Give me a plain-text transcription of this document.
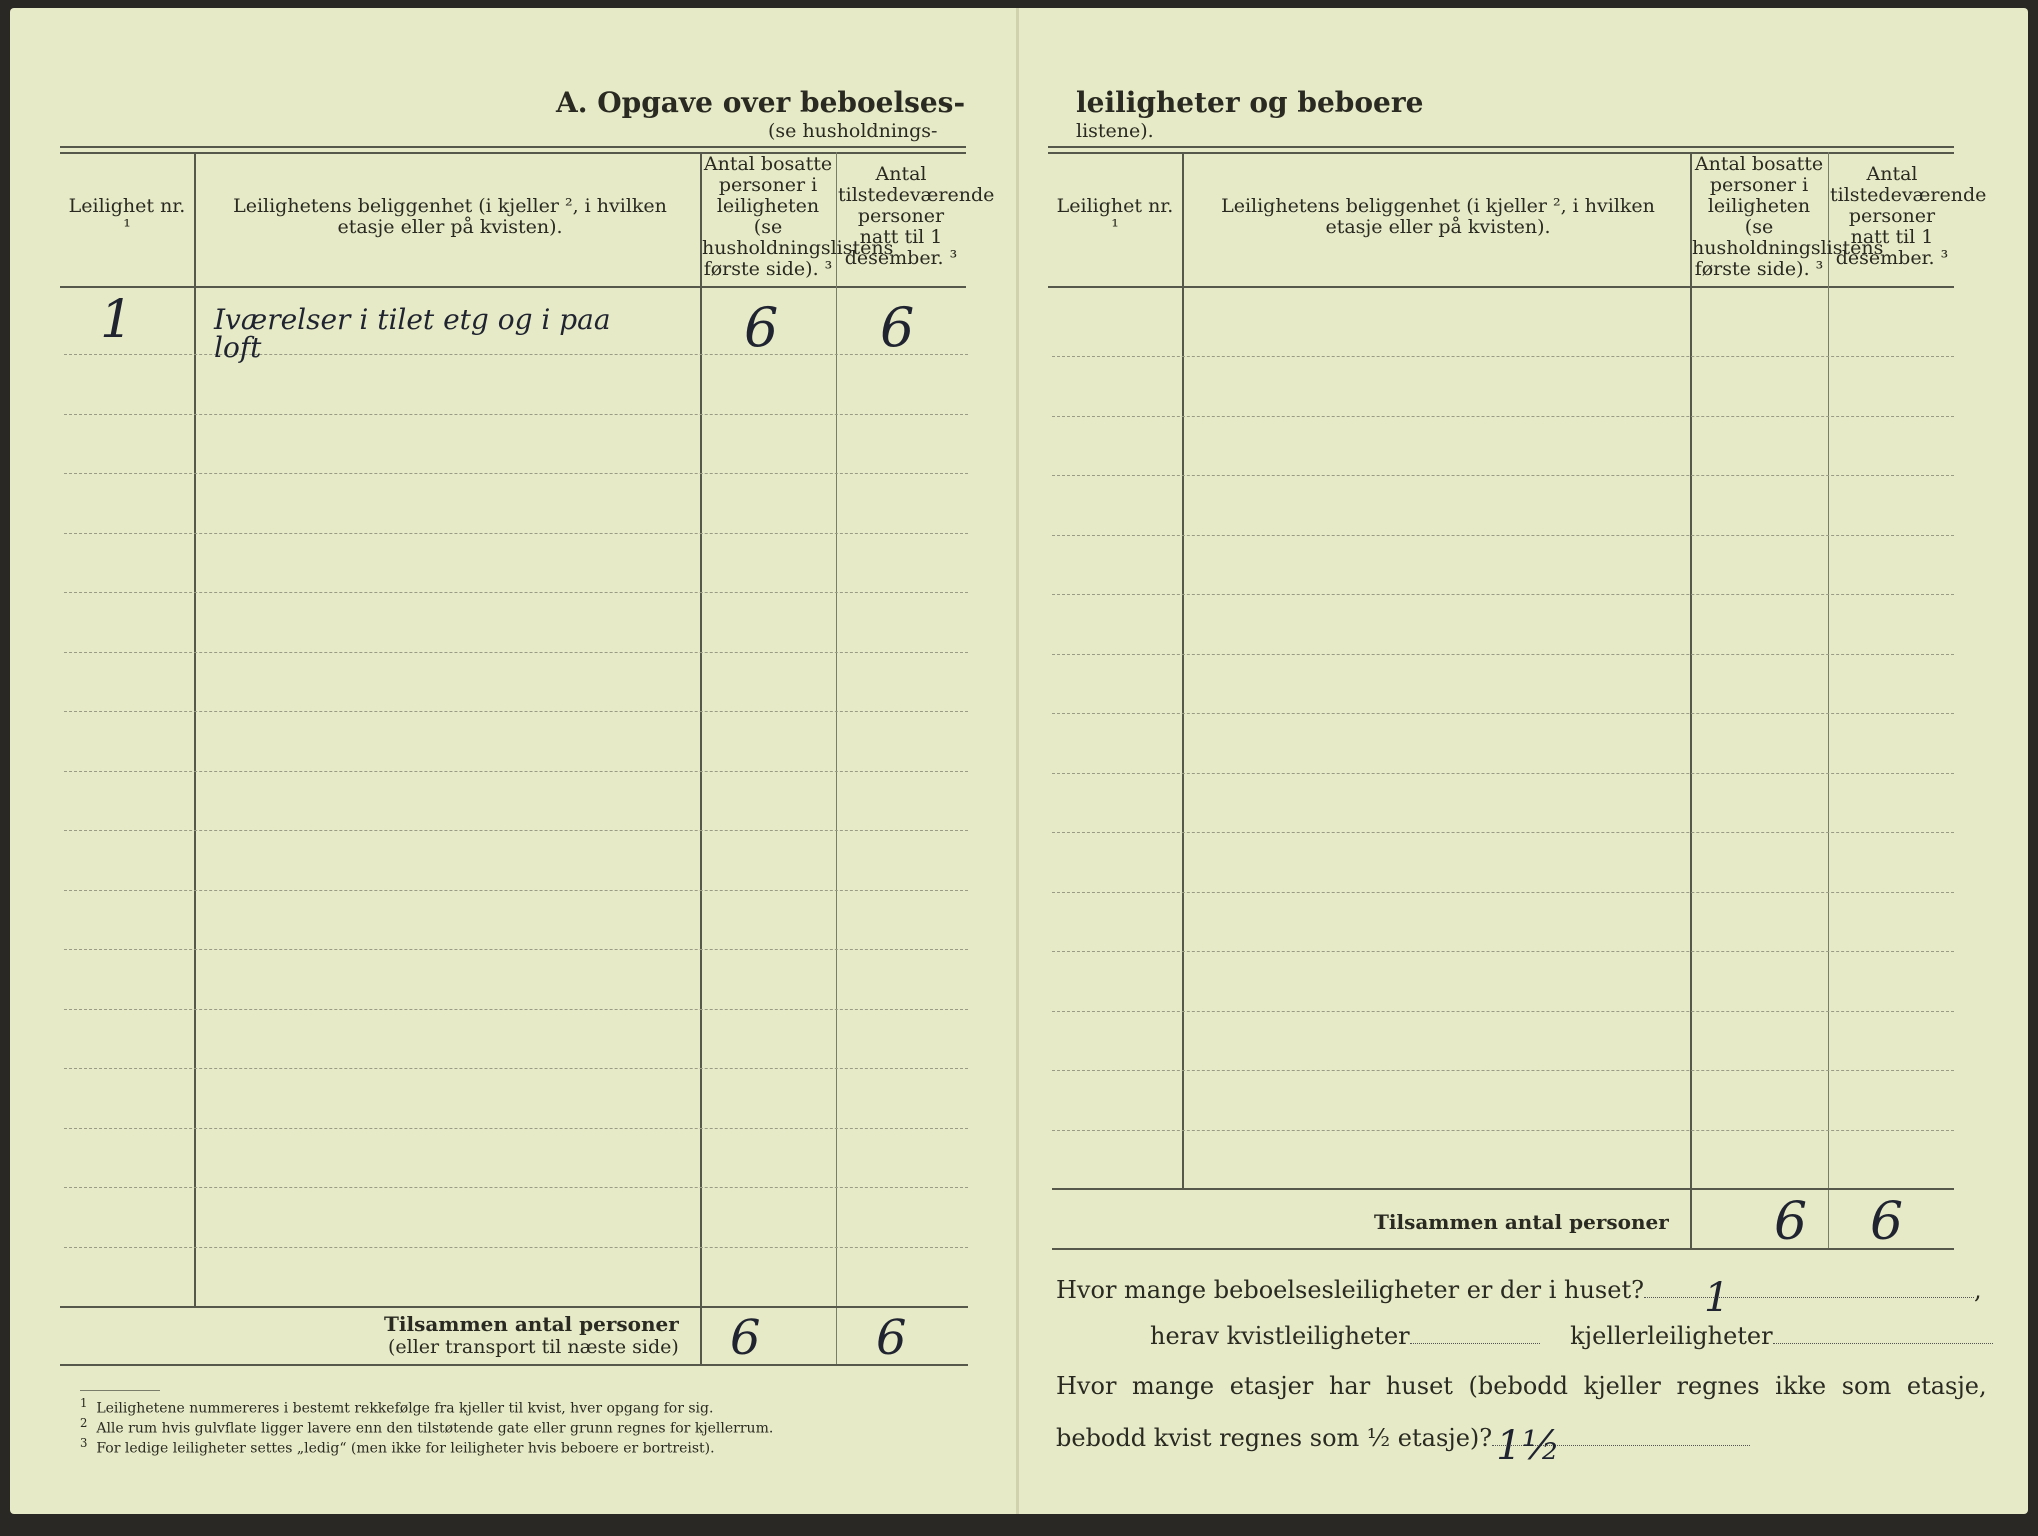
A. Opgave over beboelses-
(se husholdnings-
Leilighet nr. ¹
Leilighetens beliggenhet (i kjeller ², i hvilken etasje eller på kvisten).
Antal bosatte personer i leiligheten (se husholdningslistens første side). ³
Antal tilstedeværende personer natt til 1 desember. ³
1	Iværelser i tilet etg og i paa loft	6 6
Tilsammen antal personer
(eller transport til næste side) 6 6
$^1$ Leilighetene nummereres i bestemt rekkefølge fra kjeller til kvist, hver opgang for sig.
$^2$ Alle rum hvis gulvflate ligger lavere enn den tilstøtende gate eller grunn regnes for kjellerrum.
$^3$ For ledige leiligheter settes „ledig“ (men ikke for leiligheter hvis beboere er bortreist).
leiligheter og beboere
listene).
Leilighet nr. ¹
Leilighetens beliggenhet (i kjeller ², i hvilken etasje eller på kvisten).
Antal bosatte personer i leiligheten (se husholdningslistens første side). ³
Antal tilstedeværende personer natt til 1 desember. ³
Tilsammen antal personer 6 6
Hvor mange beboelsesleiligheter er der i huset? 1	,
herav kvistleiligheter	kjellerleiligheter
Hvor mange etasjer har huset (bebodd kjeller regnes ikke som etasje,
bebodd kvist regnes som ½ etasje)? 1½
